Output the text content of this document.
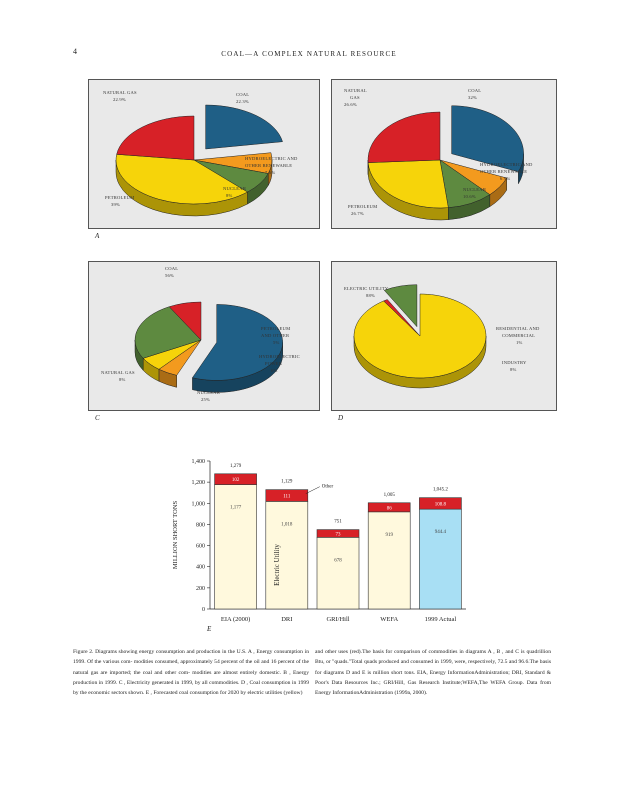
4	COAL—A COMPLEX NATURAL RESOURCE
NATURAL GAS
22.9%
COAL
22.3%
HYDROELECTRIC AND
OTHER RENEWABLE
7.6%
NUCLEAR
8%
PETROLEUM
39%
A
NATURAL
GAS
26.6%
COAL
32%
HYDROELECTRIC AND
OTHER RENEWABLE
6.9%
NUCLEAR
10.6%
PETROLEUM
26.7%
COAL
56%
PETROLEUM
AND OTHER
5%
HYDROELECTRIC
POWER
6%
NATURAL GAS
8%
NUCLEAR
25%
C
ELECTRIC UTILITY
88%
RESIDENTIAL AND
COMMERCIAL
1%
INDUSTRY
8%
D
0
200
400
600
800
1,000
1,200
1,400
MILLION SHORT TONS	1,177
102
1,279
EIA (2000)
1,018
111
1,129
DRI
678
73
751
GRI/Hill
919
86
1,005
WEFA
944.4
108.8
1,045.2
1999 Actual
Other
Electric Utility
E

Figure 2. Diagrams showing energy consumption and production in the U.S. A , Energy consumption in 1999. Of the various com- modities consumed, approximately 54 percent of the oil and 16 percent of the natural gas are imported; the coal and other com- modities are almost entirely domestic. B , Energy production in 1999. C , Electricity generated in 1999, by all commodities. D , Coal consumption in 1999 by the economic sectors shown. E , Forecasted coal consumption for 2020 by electric utilities (yellow)

and other uses (red).The basis for comparison of commodities in diagrams A , B , and C is quadrillion Btu, or "quads."Total quads produced and consumed in 1999, were, respectively, 72.5 and 96.6.The basis for diagrams D and E is million short tons. EIA, Energy InformationAdministration; DRI, Standard & Poor's Data Resources Inc.; GRI/Hill, Gas Research Institute;WEFA,The WEFA Group. Data from Energy InformationAdministration (1999a, 2000).
